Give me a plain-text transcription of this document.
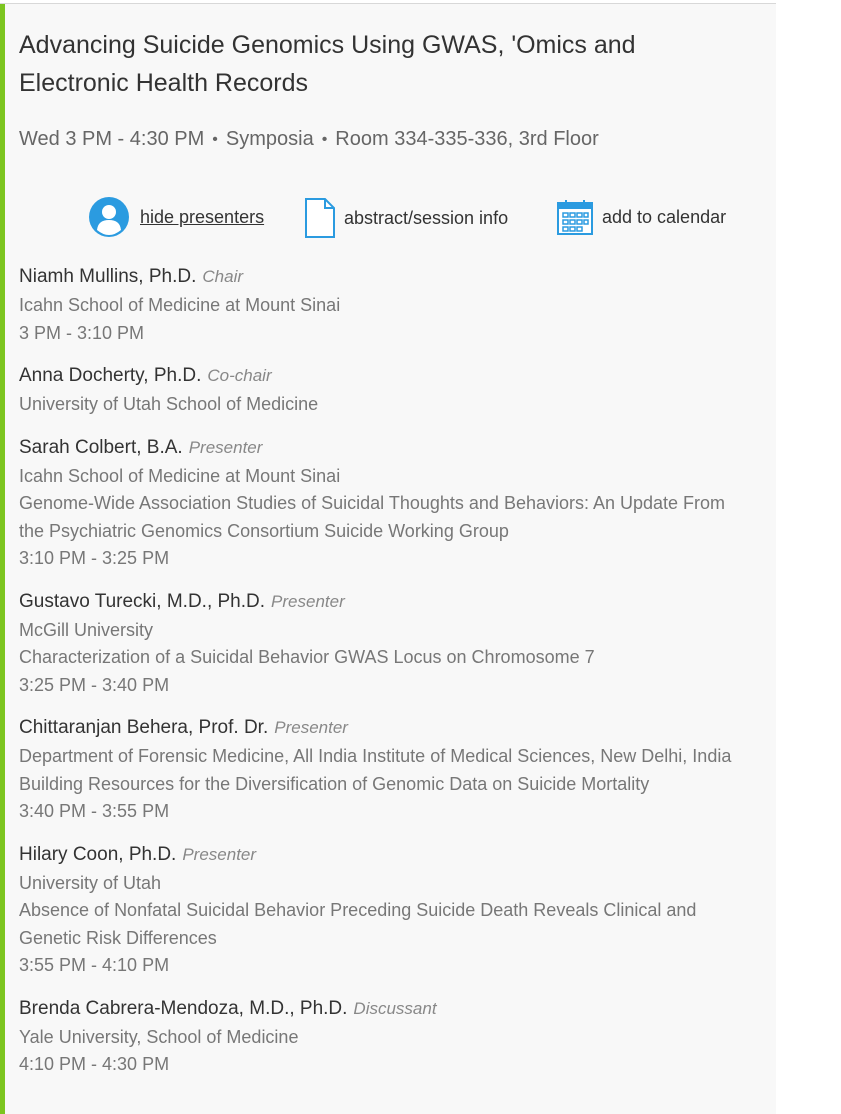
Advancing Suicide Genomics Using GWAS, 'Omics and Electronic Health Records
Wed 3 PM - 4:30 PM • Symposia • Room 334-335-336, 3rd Floor
hide presenters	abstract/session info	add to calendar
Niamh Mullins, Ph.D. Chair
Icahn School of Medicine at Mount Sinai
3 PM - 3:10 PM
Anna Docherty, Ph.D. Co-chair
University of Utah School of Medicine
Sarah Colbert, B.A. Presenter
Icahn School of Medicine at Mount Sinai
Genome-Wide Association Studies of Suicidal Thoughts and Behaviors: An Update From the Psychiatric Genomics Consortium Suicide Working Group
3:10 PM - 3:25 PM
Gustavo Turecki, M.D., Ph.D. Presenter
McGill University
Characterization of a Suicidal Behavior GWAS Locus on Chromosome 7
3:25 PM - 3:40 PM
Chittaranjan Behera, Prof. Dr. Presenter
Department of Forensic Medicine, All India Institute of Medical Sciences, New Delhi, India
Building Resources for the Diversification of Genomic Data on Suicide Mortality
3:40 PM - 3:55 PM
Hilary Coon, Ph.D. Presenter
University of Utah
Absence of Nonfatal Suicidal Behavior Preceding Suicide Death Reveals Clinical and Genetic Risk Differences
3:55 PM - 4:10 PM
Brenda Cabrera-Mendoza, M.D., Ph.D. Discussant
Yale University, School of Medicine
4:10 PM - 4:30 PM
